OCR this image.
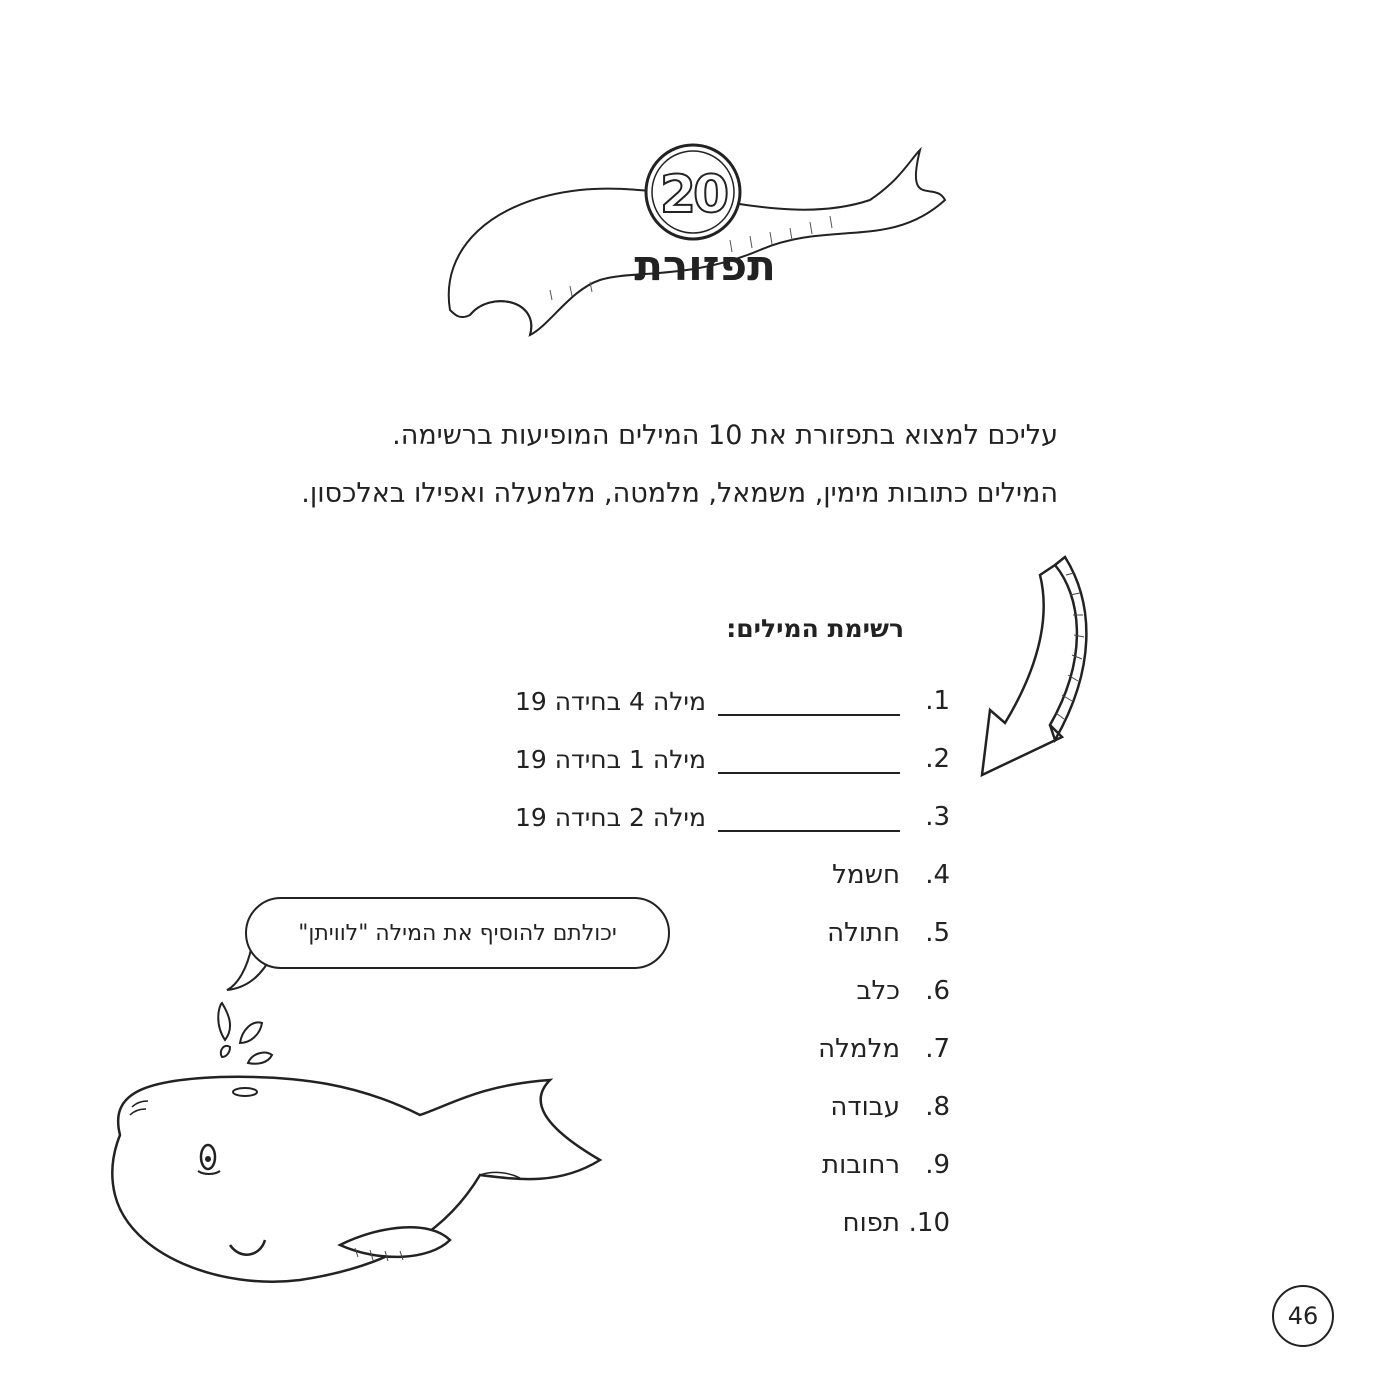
20
תפזורת
עליכם למצוא בתפזורת את 10 המילים המופיעות ברשימה.
המילים כתובות מימין, משמאל, מלמטה, מלמעלה ואפילו באלכסון.
רשימת המילים:
1.
מילה 4 בחידה 19
2.
מילה 1 בחידה 19
3.
מילה 2 בחידה 19
4.
חשמל
5.
חתולה
6.
כלב
7.
מלמלה
8.
עבודה
9.
רחובות
10.
תפוח
יכולתם להוסיף את המילה "לוויתן"
46
